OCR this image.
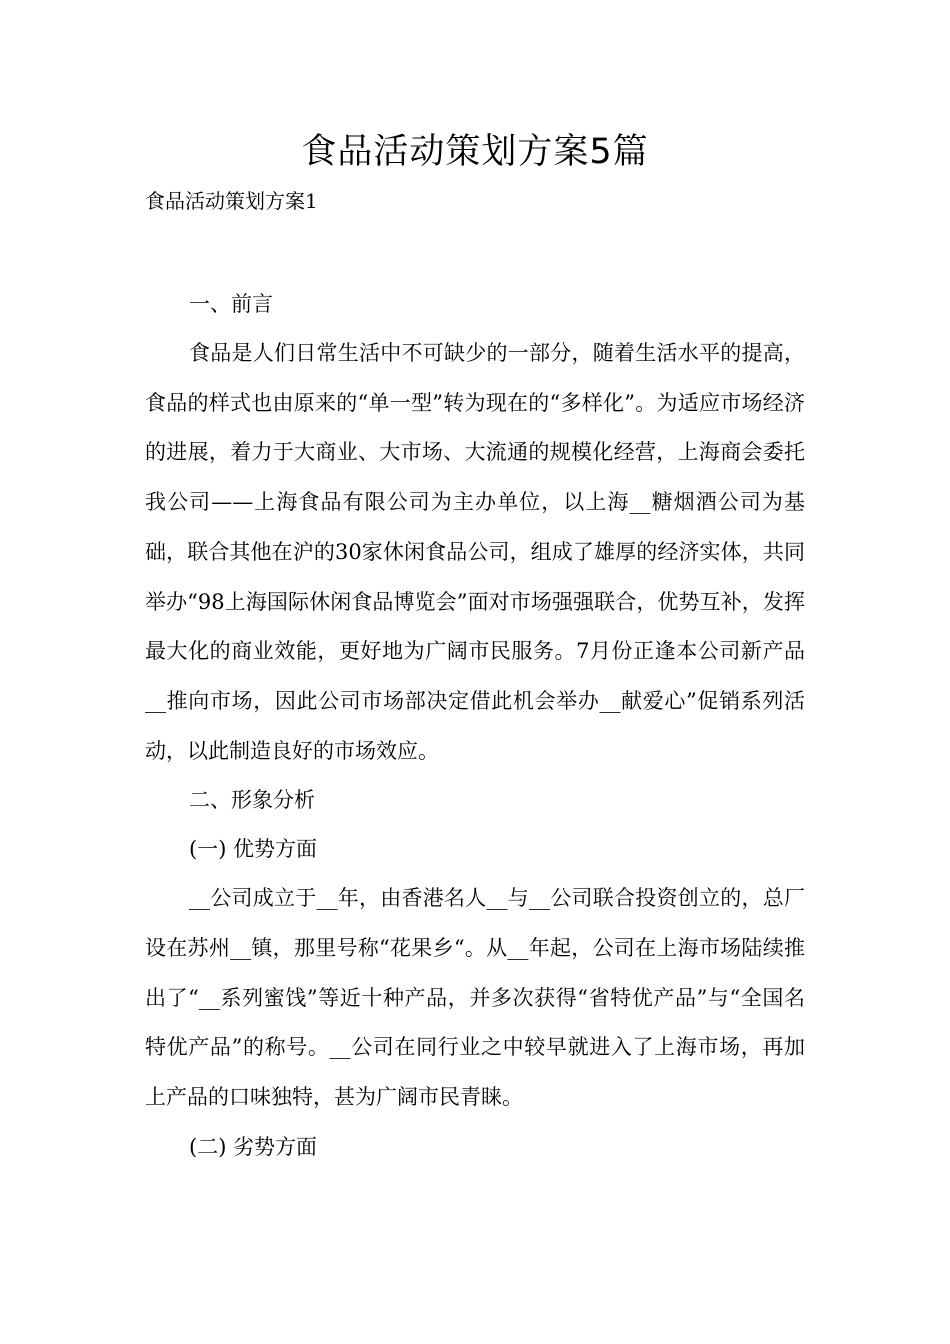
食品活动策划方案5篇
食品活动策划方案1

一、前言

食品是人们日常生活中不可缺少的一部分，随着生活水平的提高，食品的样式也由原来的“单一型”转为现在的“多样化”。为适应市场经济的进展，着力于大商业、大市场、大流通的规模化经营，上海商会委托我公司——上海食品有限公司为主办单位，以上海__糖烟酒公司为基础，联合其他在沪的30家休闲食品公司，组成了雄厚的经济实体，共同举办“98上海国际休闲食品博览会”面对市场强强联合，优势互补，发挥最大化的商业效能，更好地为广阔市民服务。7月份正逢本公司新产品__推向市场，因此公司市场部决定借此机会举办__献爱心”促销系列活动，以此制造良好的市场效应。

二、形象分析

(一) 优势方面

__公司成立于__年，由香港名人__与__公司联合投资创立的，总厂设在苏州__镇，那里号称“花果乡“。从__年起，公司在上海市场陆续推出了“__系列蜜饯”等近十种产品，并多次获得“省特优产品”与“全国名特优产品”的称号。__公司在同行业之中较早就进入了上海市场，再加上产品的口味独特，甚为广阔市民青睐。

(二) 劣势方面
